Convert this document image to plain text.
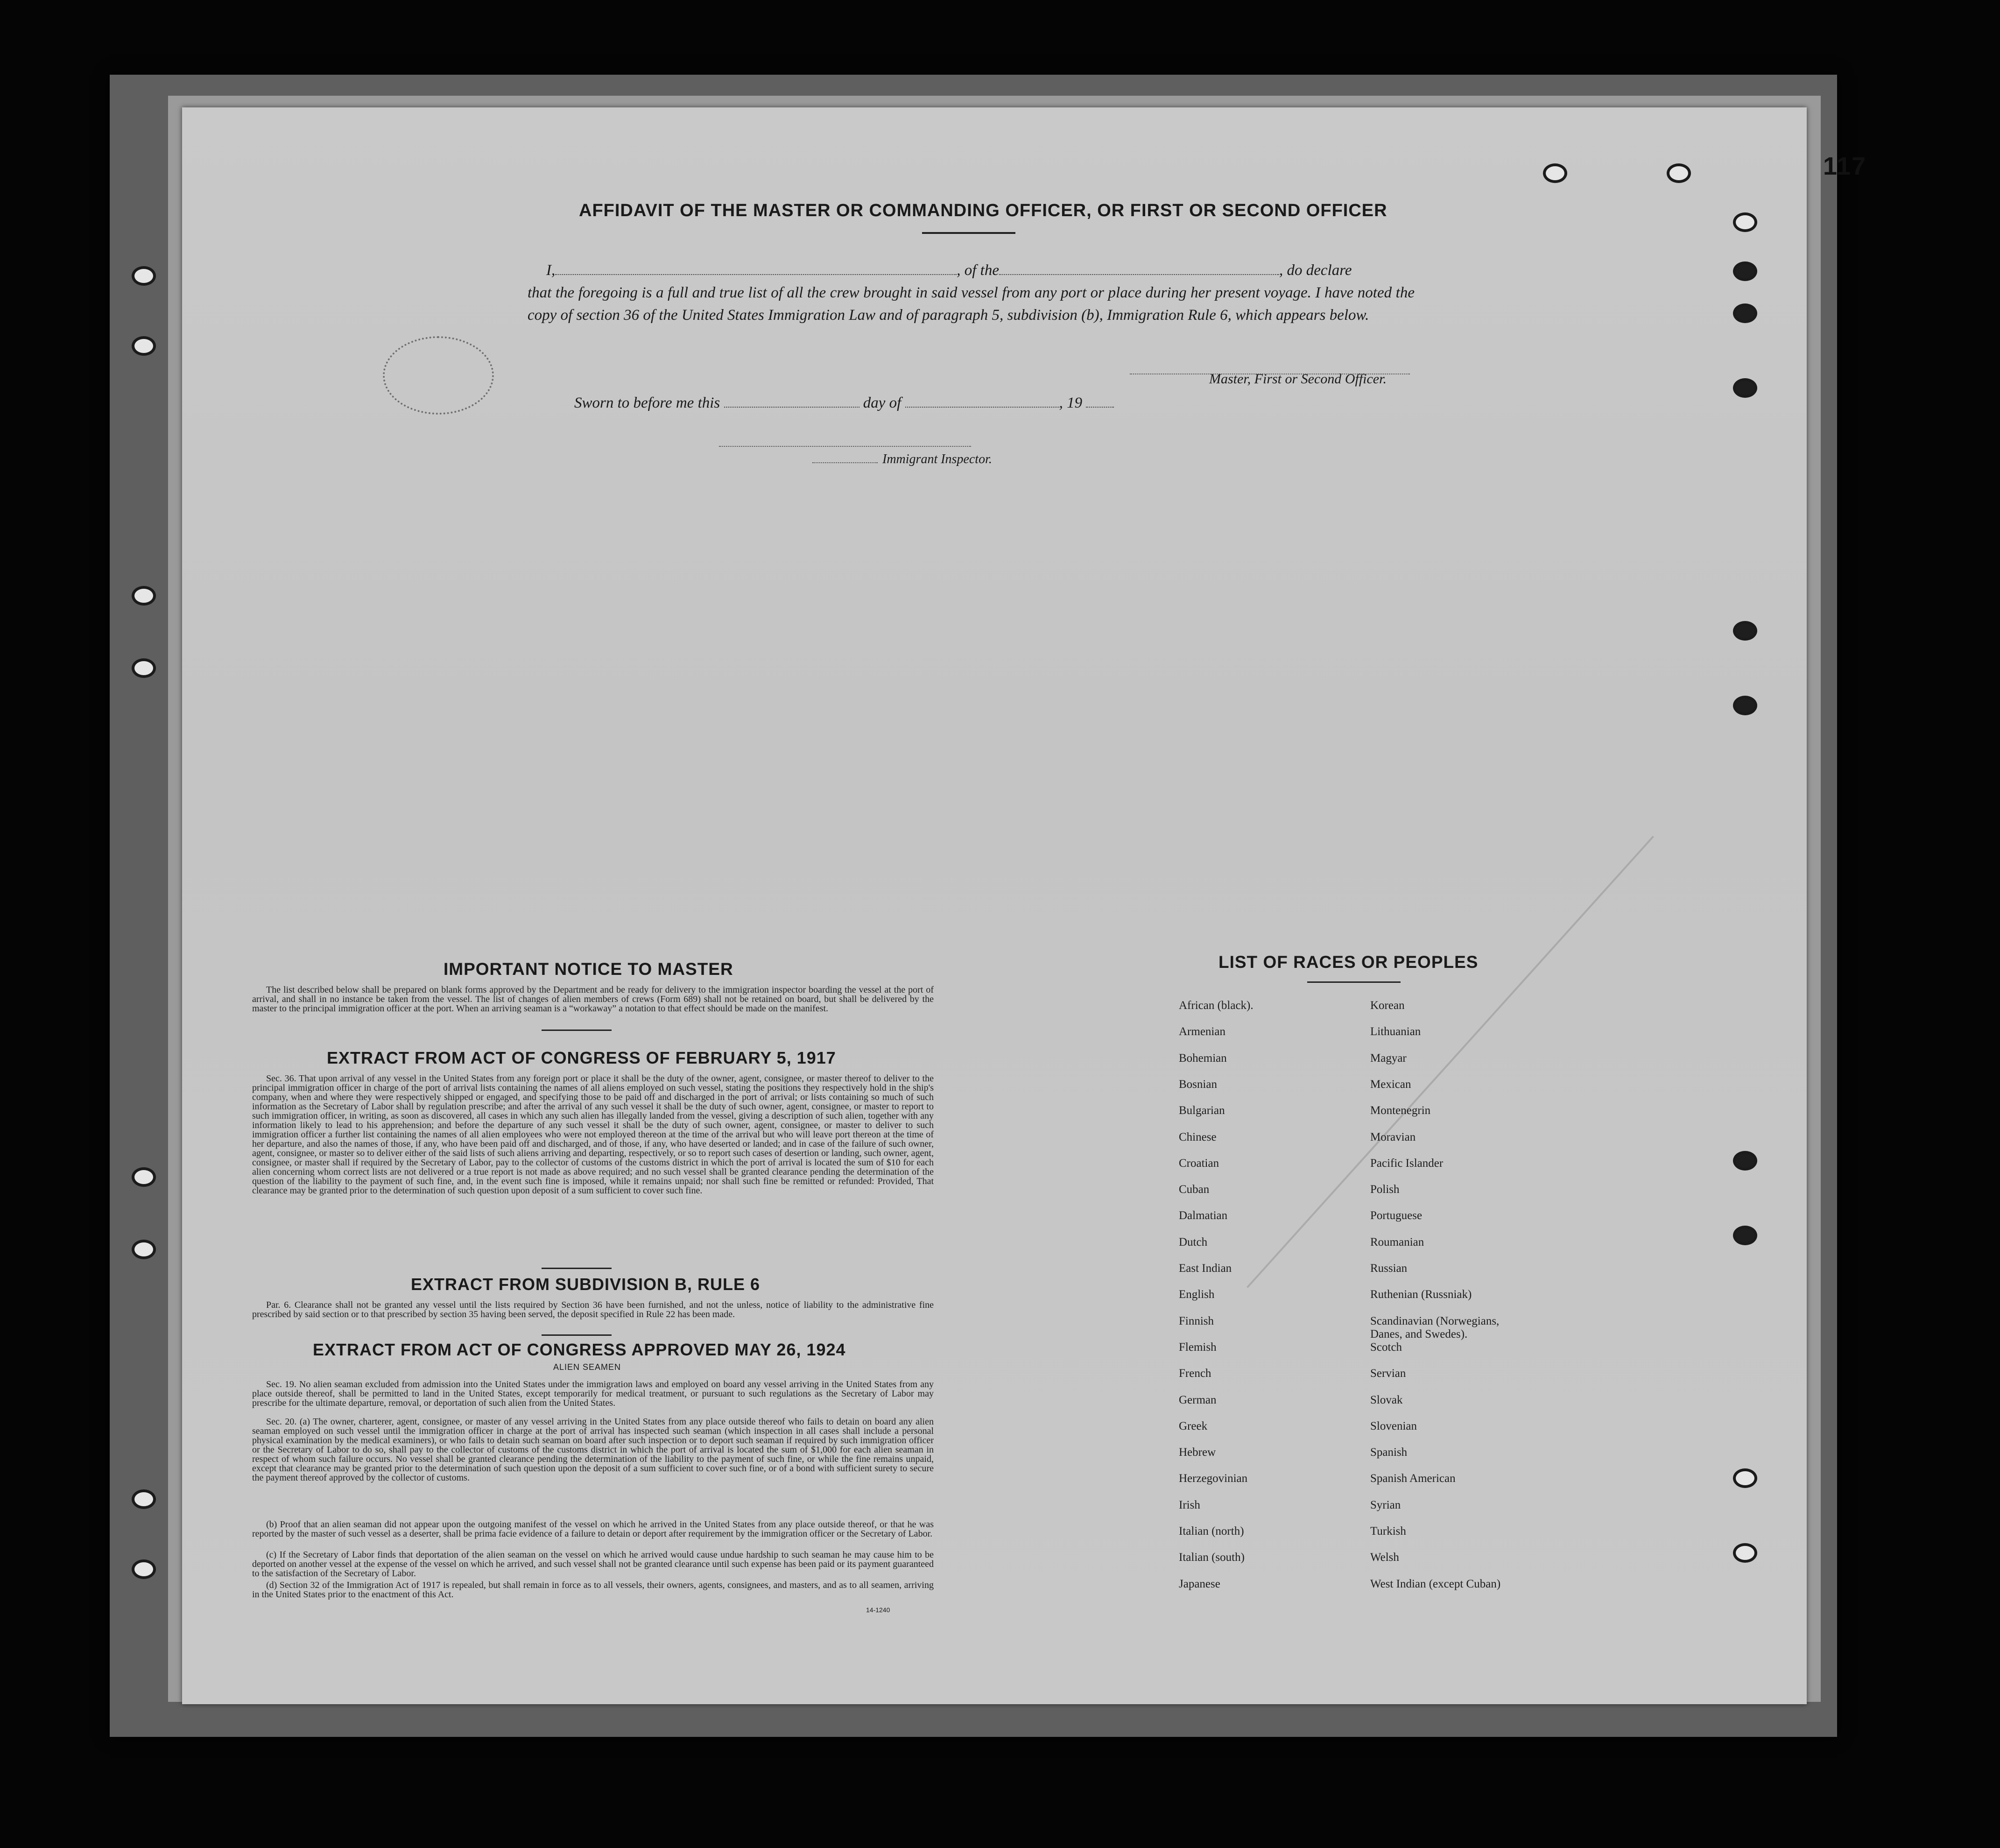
117
AFFIDAVIT OF THE MASTER OR COMMANDING OFFICER, OR FIRST OR SECOND OFFICER
I,	, of the	, do declare
that the foregoing is a full and true list of all the crew brought in said vessel from any port or place during her present voyage. I have noted the copy of section 36 of the United States Immigration Law and of paragraph 5, subdivision (b), Immigration Rule 6, which appears below.
Master, First or Second Officer.
Sworn to before me this	day of	, 19
Immigrant Inspector.
IMPORTANT NOTICE TO MASTER
The list described below shall be prepared on blank forms approved by the Department and be ready for delivery to the immigration inspector boarding the vessel at the port of arrival, and shall in no instance be taken from the vessel. The list of changes of alien members of crews (Form 689) shall not be retained on board, but shall be delivered by the master to the principal immigration officer at the port. When an arriving seaman is a “workaway” a notation to that effect should be made on the manifest.
EXTRACT FROM ACT OF CONGRESS OF FEBRUARY 5, 1917
Sec. 36. That upon arrival of any vessel in the United States from any foreign port or place it shall be the duty of the owner, agent, consignee, or master thereof to deliver to the principal immigration officer in charge of the port of arrival lists containing the names of all aliens employed on such vessel, stating the positions they respectively hold in the ship's company, when and where they were respectively shipped or engaged, and specifying those to be paid off and discharged in the port of arrival; or lists containing so much of such information as the Secretary of Labor shall by regulation prescribe; and after the arrival of any such vessel it shall be the duty of such owner, agent, consignee, or master to report to such immigration officer, in writing, as soon as discovered, all cases in which any such alien has illegally landed from the vessel, giving a description of such alien, together with any information likely to lead to his apprehension; and before the departure of any such vessel it shall be the duty of such owner, agent, consignee, or master to deliver to such immigration officer a further list containing the names of all alien employees who were not employed thereon at the time of the arrival but who will leave port thereon at the time of her departure, and also the names of those, if any, who have been paid off and discharged, and of those, if any, who have deserted or landed; and in case of the failure of such owner, agent, consignee, or master so to deliver either of the said lists of such aliens arriving and departing, respectively, or so to report such cases of desertion or landing, such owner, agent, consignee, or master shall if required by the Secretary of Labor, pay to the collector of customs of the customs district in which the port of arrival is located the sum of $10 for each alien concerning whom correct lists are not delivered or a true report is not made as above required; and no such vessel shall be granted clearance pending the determination of the question of the liability to the payment of such fine, and, in the event such fine is imposed, while it remains unpaid; nor shall such fine be remitted or refunded: Provided, That clearance may be granted prior to the determination of such question upon deposit of a sum sufficient to cover such fine.
EXTRACT FROM SUBDIVISION B, RULE 6
Par. 6. Clearance shall not be granted any vessel until the lists required by Section 36 have been furnished, and not the unless, notice of liability to the administrative fine prescribed by said section or to that prescribed by section 35 having been served, the deposit specified in Rule 22 has been made.
EXTRACT FROM ACT OF CONGRESS APPROVED MAY 26, 1924
ALIEN SEAMEN
Sec. 19. No alien seaman excluded from admission into the United States under the immigration laws and employed on board any vessel arriving in the United States from any place outside thereof, shall be permitted to land in the United States, except temporarily for medical treatment, or pursuant to such regulations as the Secretary of Labor may prescribe for the ultimate departure, removal, or deportation of such alien from the United States.
Sec. 20. (a) The owner, charterer, agent, consignee, or master of any vessel arriving in the United States from any place outside thereof who fails to detain on board any alien seaman employed on such vessel until the immigration officer in charge at the port of arrival has inspected such seaman (which inspection in all cases shall include a personal physical examination by the medical examiners), or who fails to detain such seaman on board after such inspection or to deport such seaman if required by such immigration officer or the Secretary of Labor to do so, shall pay to the collector of customs of the customs district in which the port of arrival is located the sum of $1,000 for each alien seaman in respect of whom such failure occurs. No vessel shall be granted clearance pending the determination of the liability to the payment of such fine, or while the fine remains unpaid, except that clearance may be granted prior to the determination of such question upon the deposit of a sum sufficient to cover such fine, or of a bond with sufficient surety to secure the payment thereof approved by the collector of customs.
(b) Proof that an alien seaman did not appear upon the outgoing manifest of the vessel on which he arrived in the United States from any place outside thereof, or that he was reported by the master of such vessel as a deserter, shall be prima facie evidence of a failure to detain or deport after requirement by the immigration officer or the Secretary of Labor.
(c) If the Secretary of Labor finds that deportation of the alien seaman on the vessel on which he arrived would cause undue hardship to such seaman he may cause him to be deported on another vessel at the expense of the vessel on which he arrived, and such vessel shall not be granted clearance until such expense has been paid or its payment guaranteed to the satisfaction of the Secretary of Labor.
(d) Section 32 of the Immigration Act of 1917 is repealed, but shall remain in force as to all vessels, their owners, agents, consignees, and masters, and as to all seamen, arriving in the United States prior to the enactment of this Act.
14-1240
LIST OF RACES OR PEOPLES
African (black).	Korean
Armenian	Lithuanian
Bohemian	Magyar
Bosnian	Mexican
Bulgarian	Montenegrin
Chinese	Moravian
Croatian	Pacific Islander
Cuban	Polish
Dalmatian	Portuguese
Dutch	Roumanian
East Indian	Russian
English	Ruthenian (Russniak)
Finnish	Scandinavian (Norwegians,
Danes, and Swedes).
Flemish	Scotch
French	Servian
German	Slovak
Greek	Slovenian
Hebrew	Spanish
Herzegovinian	Spanish American
Irish	Syrian
Italian (north)	Turkish
Italian (south)	Welsh
Japanese	West Indian (except Cuban)
